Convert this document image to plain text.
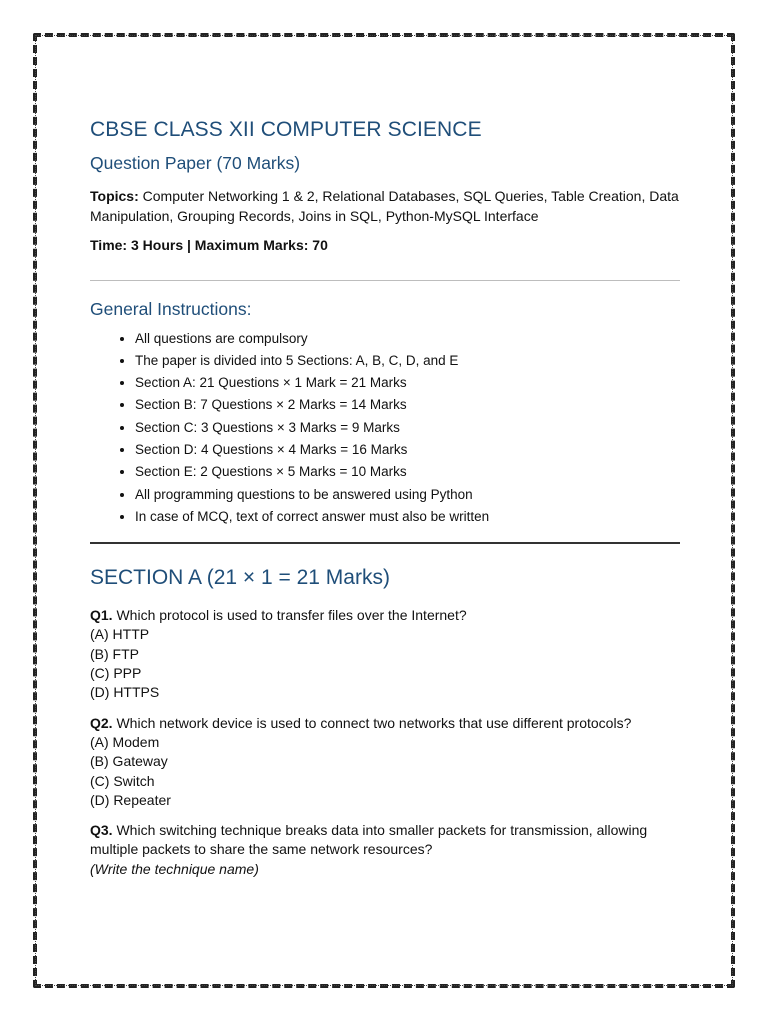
CBSE CLASS XII COMPUTER SCIENCE
Question Paper (70 Marks)

Topics: Computer Networking 1 & 2, Relational Databases, SQL Queries, Table Creation, Data Manipulation, Grouping Records, Joins in SQL, Python-MySQL Interface

Time: 3 Hours | Maximum Marks: 70

General Instructions:
• All questions are compulsory
• The paper is divided into 5 Sections: A, B, C, D, and E
• Section A: 21 Questions × 1 Mark = 21 Marks
• Section B: 7 Questions × 2 Marks = 14 Marks
• Section C: 3 Questions × 3 Marks = 9 Marks
• Section D: 4 Questions × 4 Marks = 16 Marks
• Section E: 2 Questions × 5 Marks = 10 Marks
• All programming questions to be answered using Python
• In case of MCQ, text of correct answer must also be written
SECTION A (21 × 1 = 21 Marks)
Q1. Which protocol is used to transfer files over the Internet?
(A) HTTP
(B) FTP
(C) PPP
(D) HTTPS
Q2. Which network device is used to connect two networks that use different protocols?
(A) Modem
(B) Gateway
(C) Switch
(D) Repeater
Q3. Which switching technique breaks data into smaller packets for transmission, allowing multiple packets to share the same network resources?
(Write the technique name)
